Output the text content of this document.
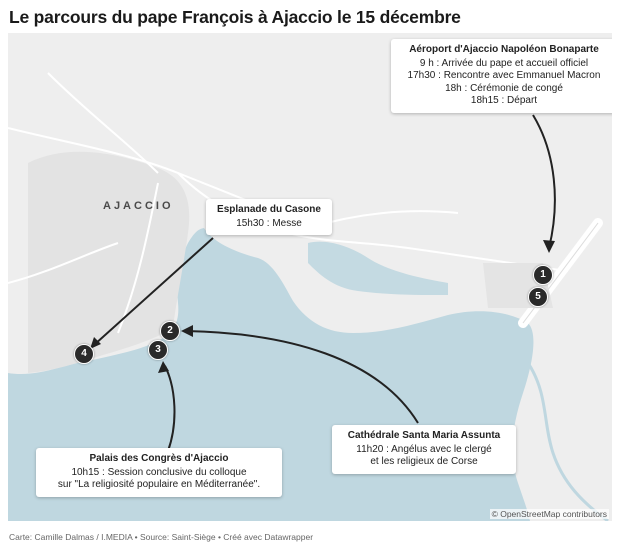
Le parcours du pape François à Ajaccio le 15 décembre
AJACCIO
1
5
2
3
4
Aéroport d'Ajaccio Napoléon Bonaparte
9 h : Arrivée du pape et accueil officiel
17h30 : Rencontre avec Emmanuel Macron
18h : Cérémonie de congé
18h15 : Départ
Esplanade du Casone
15h30 : Messe
Cathédrale Santa Maria Assunta
11h20 : Angélus avec le clergé
et les religieux de Corse
Palais des Congrès d'Ajaccio
10h15 : Session conclusive du colloque
sur "La religiosité populaire en Méditerranée".
© OpenStreetMap contributors
Carte: Camille Dalmas / I.MEDIA • Source: Saint-Siège • Créé avec Datawrapper
